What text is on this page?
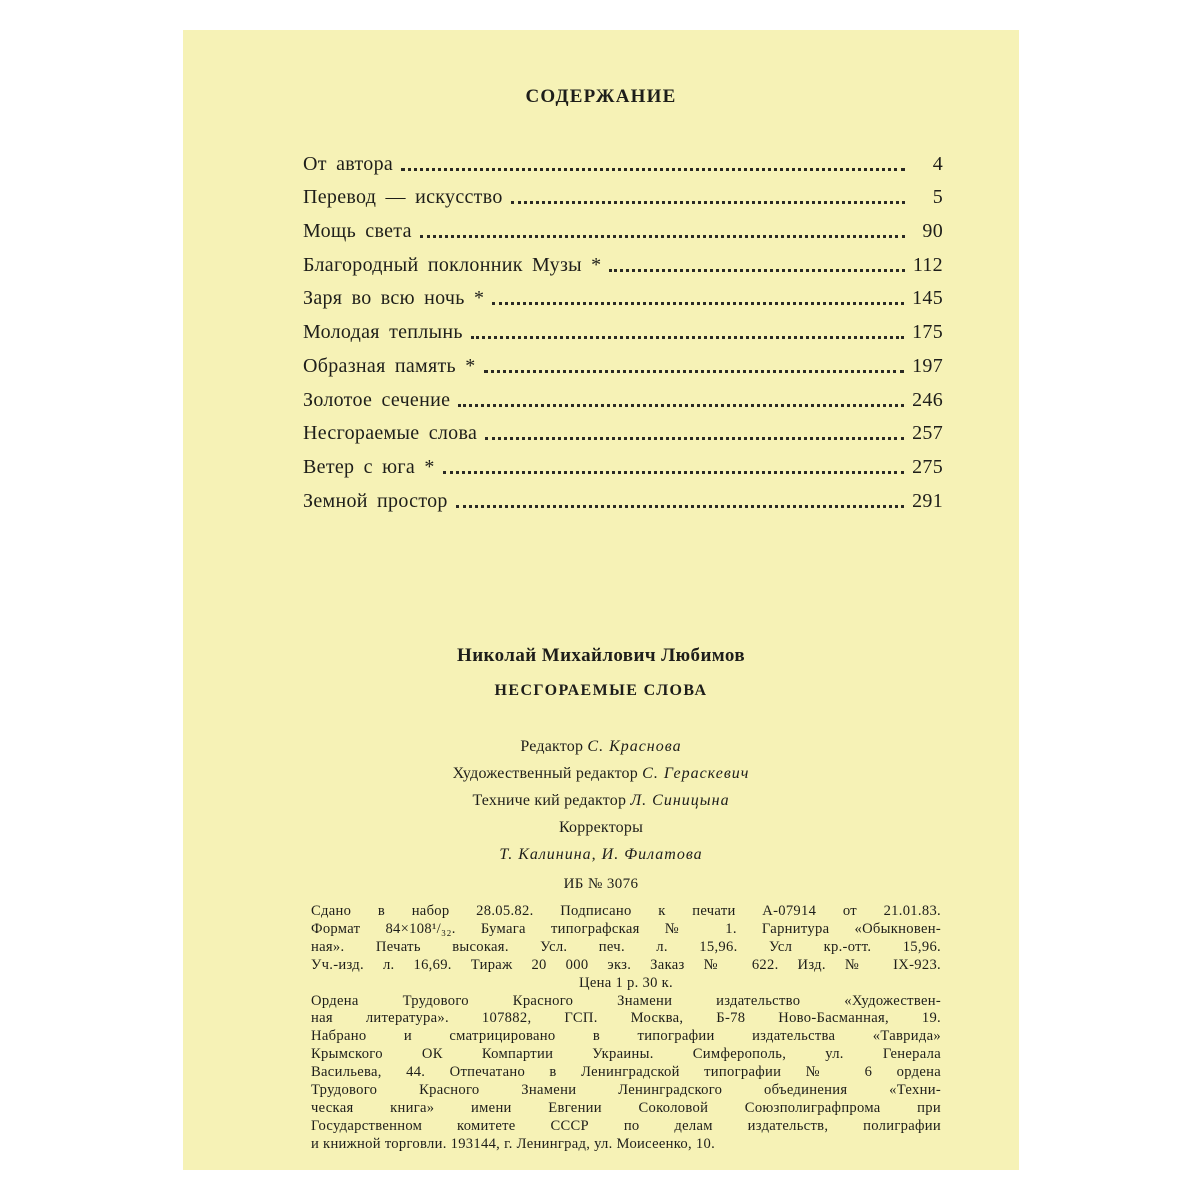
СОДЕРЖАНИЕ
От автора	4
Перевод — искусство	5
Мощь света	90
Благородный поклонник Музы *	112
Заря во всю ночь *	145
Молодая теплынь	175
Образная память *	197
Золотое сечение	246
Несгораемые слова	257
Ветер с юга *	275
Земной простор	291
Николай Михайлович Любимов
НЕСГОРАЕМЫЕ СЛОВА
Редактор С. Краснова
Художественный редактор С. Гераскевич
Техниче кий редактор Л. Синицына
Корректоры
Т. Калинина, И. Филатова
ИБ № 3076
Сдано в набор 28.05.82. Подписано к печати А-07914 от 21.01.83.
Формат 84×108¹/₃₂. Бумага типографская № 1. Гарнитура «Обыкновен-
ная». Печать высокая. Усл. печ. л. 15,96. Усл кр.-отт. 15,96.
Уч.-изд. л. 16,69. Тираж 20 000 экз. Заказ № 622. Изд. № IX-923.
Цена 1 р. 30 к.
Ордена Трудового Красного Знамени издательство «Художествен-
ная литература». 107882, ГСП. Москва, Б-78 Ново-Басманная, 19.
Набрано и сматрицировано в типографии издательства «Таврида»
Крымского ОК Компартии Украины. Симферополь, ул. Генерала
Васильева, 44. Отпечатано в Ленинградской типографии № 6 ордена
Трудового Красного Знамени Ленинградского объединения «Техни-
ческая книга» имени Евгении Соколовой Союзполиграфпрома при
Государственном комитете СССР по делам издательств, полиграфии
и книжной торговли. 193144, г. Ленинград, ул. Моисеенко, 10.
